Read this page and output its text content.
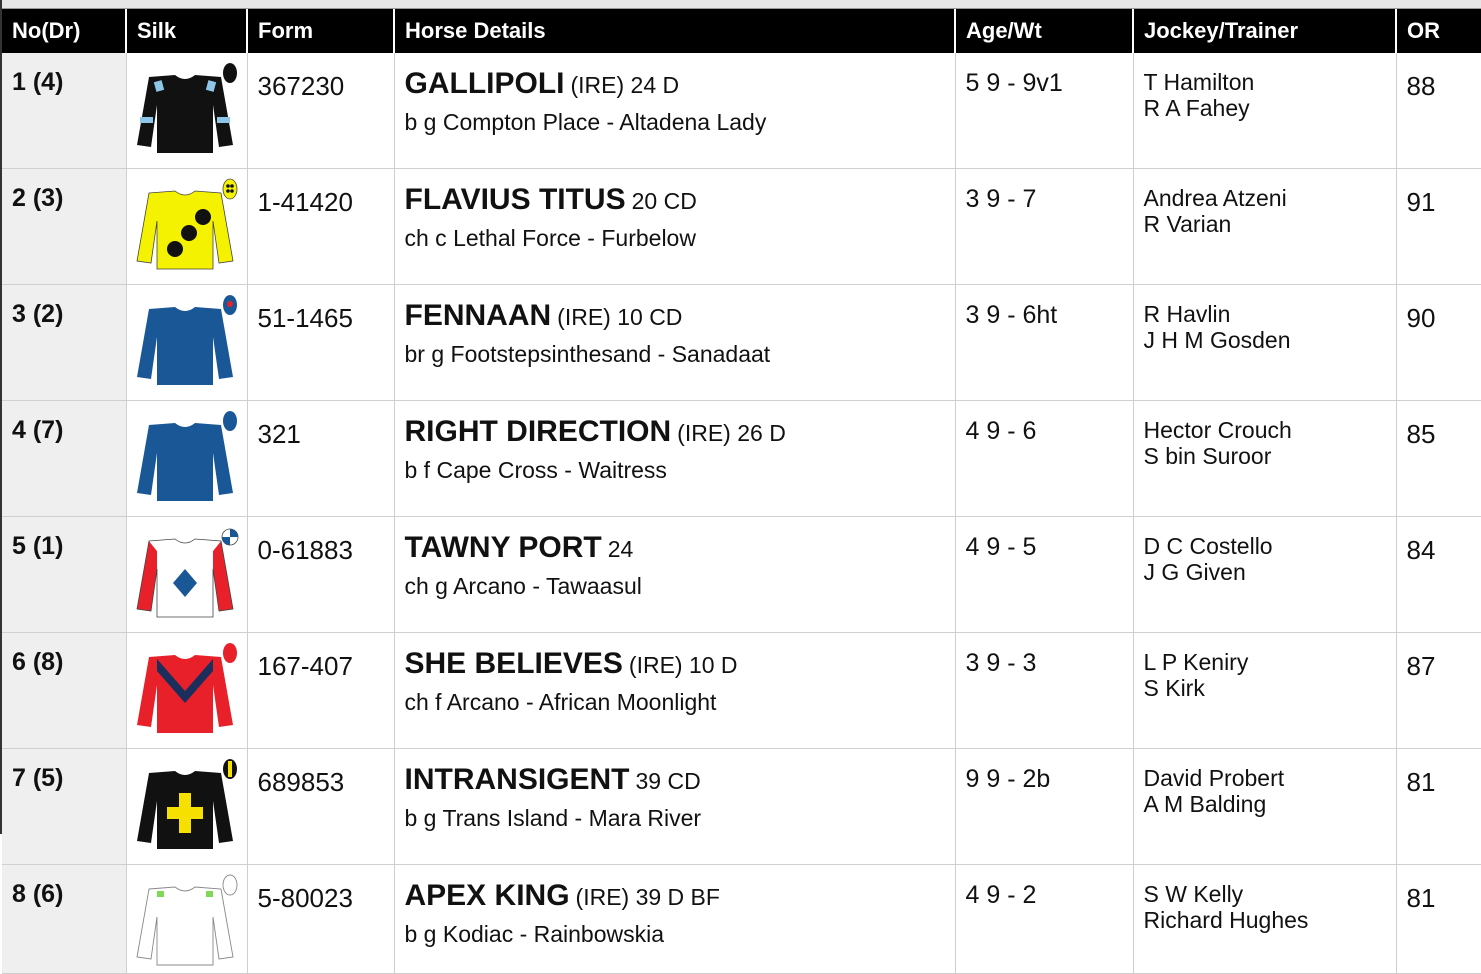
No(Dr)	Silk	Form	Horse Details	Age/Wt	Jockey/Trainer	OR
1 (4)		367230	GALLIPOLI (IRE) 24 D
b g Compton Place - Altadena Lady	5 9 - 9v1	T Hamilton
R A Fahey	88
2 (3)		1-41420	FLAVIUS TITUS 20 CD
ch c Lethal Force - Furbelow	3 9 - 7	Andrea Atzeni
R Varian	91
3 (2)		51-1465	FENNAAN (IRE) 10 CD
br g Footstepsinthesand - Sanadaat	3 9 - 6ht	R Havlin
J H M Gosden	90
4 (7)		321	RIGHT DIRECTION (IRE) 26 D
b f Cape Cross - Waitress	4 9 - 6	Hector Crouch
S bin Suroor	85
5 (1)		0-61883	TAWNY PORT 24
ch g Arcano - Tawaasul	4 9 - 5	D C Costello
J G Given	84
6 (8)		167-407	SHE BELIEVES (IRE) 10 D
ch f Arcano - African Moonlight	3 9 - 3	L P Keniry
S Kirk	87
7 (5)		689853	INTRANSIGENT 39 CD
b g Trans Island - Mara River	9 9 - 2b	David Probert
A M Balding	81
8 (6)		5-80023	APEX KING (IRE) 39 D BF
b g Kodiac - Rainbowskia	4 9 - 2	S W Kelly
Richard Hughes	81
